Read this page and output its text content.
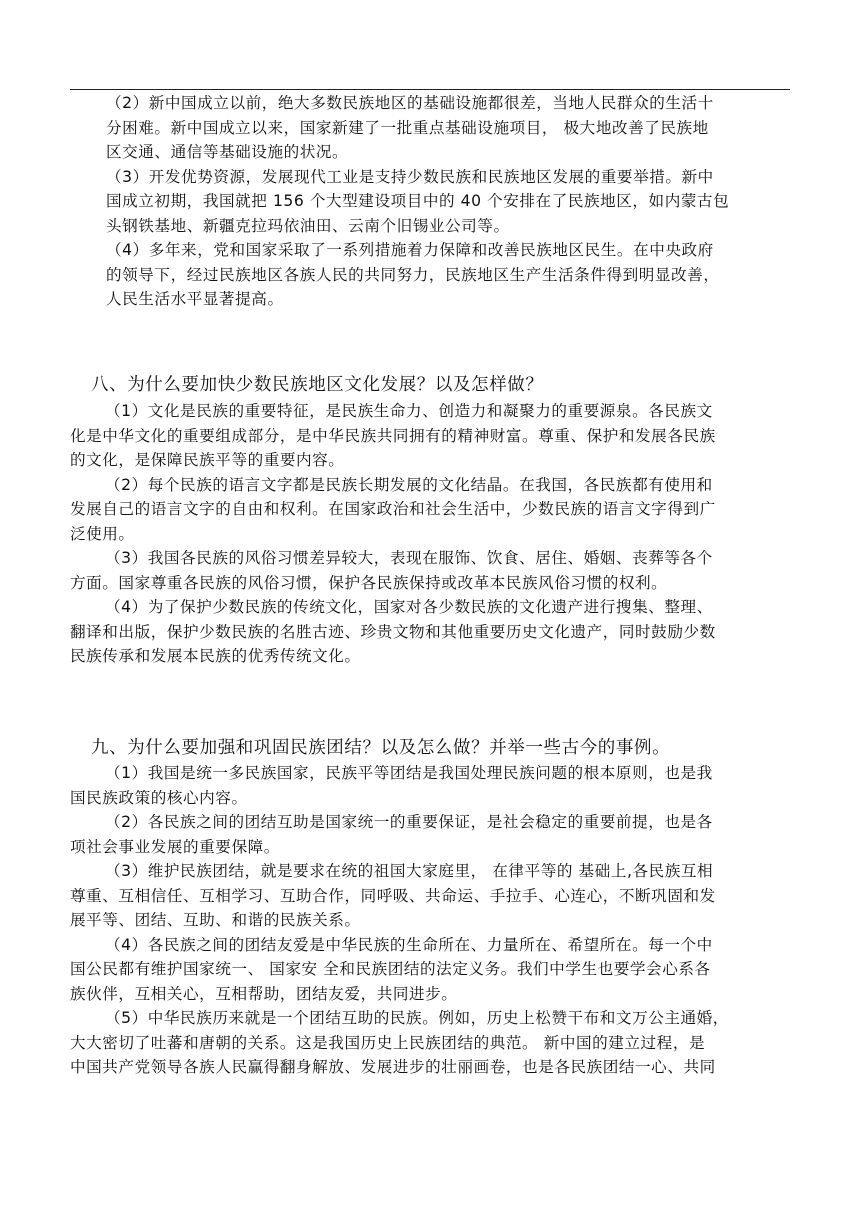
（2）新中国成立以前，绝大多数民族地区的基础设施都很差，当地人民群众的生活十
分困难。新中国成立以来，国家新建了一批重点基础设施项目， 极大地改善了民族地
区交通、通信等基础设施的状况。
（3）开发优势资源，发展现代工业是支持少数民族和民族地区发展的重要举措。新中
国成立初期，我国就把 156 个大型建设项目中的 40 个安排在了民族地区，如内蒙古包
头钢铁基地、新疆克拉玛依油田、云南个旧锡业公司等。
（4）多年来，党和国家采取了一系列措施着力保障和改善民族地区民生。在中央政府
的领导下，经过民族地区各族人民的共同努力，民族地区生产生活条件得到明显改善，
人民生活水平显著提高。
八、为什么要加快少数民族地区文化发展？以及怎样做？
（1）文化是民族的重要特征，是民族生命力、创造力和凝聚力的重要源泉。各民族文
化是中华文化的重要组成部分，是中华民族共同拥有的精神财富。尊重、保护和发展各民族
的文化，是保障民族平等的重要内容。
（2）每个民族的语言文字都是民族长期发展的文化结晶。在我国，各民族都有使用和
发展自己的语言文字的自由和权利。在国家政治和社会生活中，少数民族的语言文字得到广
泛使用。
（3）我国各民族的风俗习惯差异较大，表现在服饰、饮食、居住、婚姻、丧葬等各个
方面。国家尊重各民族的风俗习惯，保护各民族保持或改革本民族风俗习惯的权利。
（4）为了保护少数民族的传统文化，国家对各少数民族的文化遗产进行搜集、整理、
翻译和出版，保护少数民族的名胜古迹、珍贵文物和其他重要历史文化遗产，同时鼓励少数
民族传承和发展本民族的优秀传统文化。
九、为什么要加强和巩固民族团结？以及怎么做？并举一些古今的事例。
（1）我国是统一多民族国家，民族平等团结是我国处理民族问题的根本原则，也是我
国民族政策的核心内容。
（2）各民族之间的团结互助是国家统一的重要保证，是社会稳定的重要前提，也是各
项社会事业发展的重要保障。
（3）维护民族团结，就是要求在统的祖国大家庭里， 在律平等的 基础上,各民族互相
尊重、互相信任、互相学习、互助合作，同呼吸、共命运、手拉手、心连心，不断巩固和发
展平等、团结、互助、和谐的民族关系。
（4）各民族之间的团结友爱是中华民族的生命所在、力量所在、希望所在。每一个中
国公民都有维护国家统一、 国家安 全和民族团结的法定义务。我们中学生也要学会心系各
族伙伴，互相关心，互相帮助，团结友爱，共同进步。
（5）中华民族历来就是一个团结互助的民族。例如，历史上松赞干布和文万公主通婚，
大大密切了吐蕃和唐朝的关系。这是我国历史上民族团结的典范。 新中国的建立过程，是
中国共产党领导各族人民赢得翻身解放、发展进步的壮丽画卷，也是各民族团结一心、共同
